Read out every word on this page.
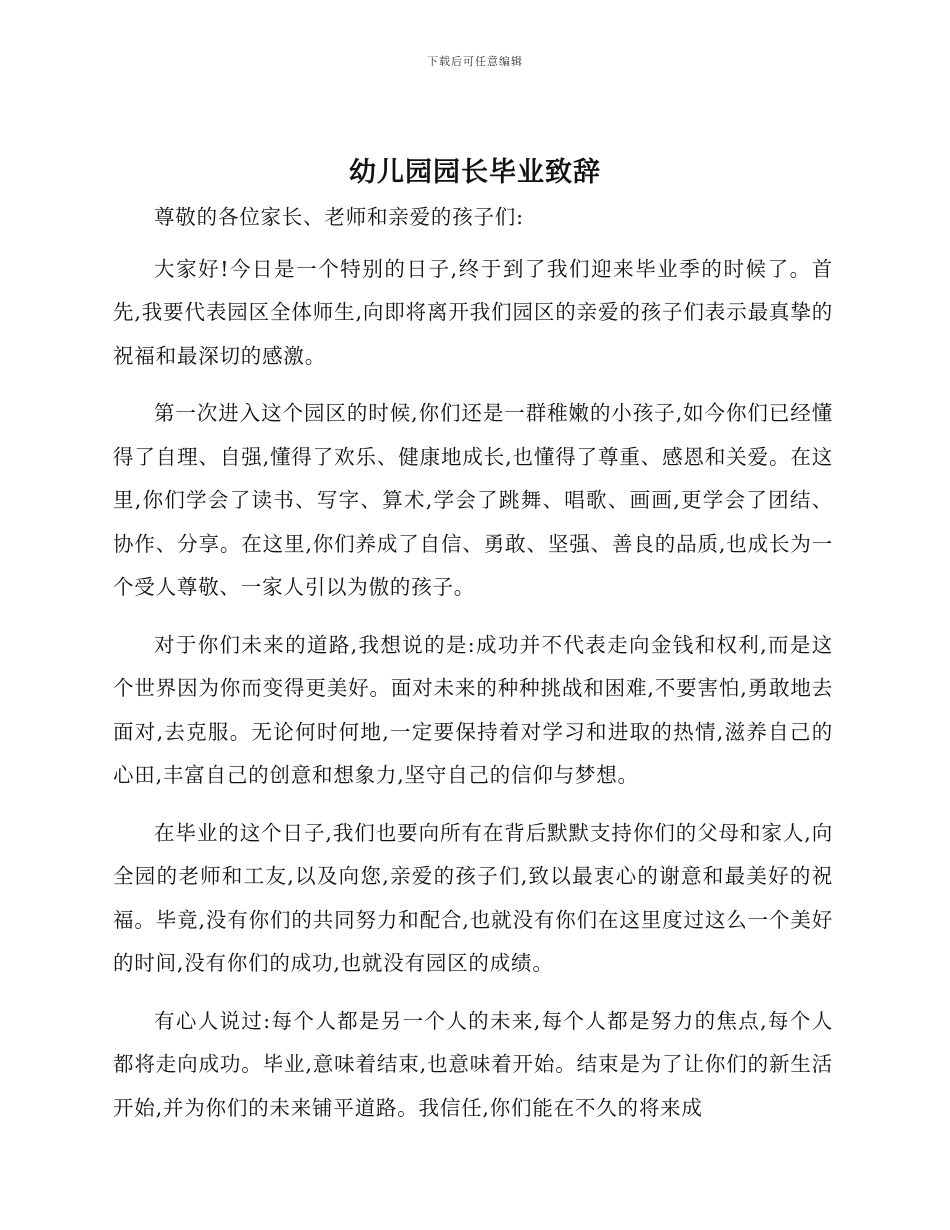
下载后可任意编辑
幼儿园园长毕业致辞

尊敬的各位家长、老师和亲爱的孩子们:

大家好!今日是一个特别的日子,终于到了我们迎来毕业季的时候了。首先,我要代表园区全体师生,向即将离开我们园区的亲爱的孩子们表示最真挚的祝福和最深切的感激。

第一次进入这个园区的时候,你们还是一群稚嫩的小孩子,如今你们已经懂得了自理、自强,懂得了欢乐、健康地成长,也懂得了尊重、感恩和关爱。在这里,你们学会了读书、写字、算术,学会了跳舞、唱歌、画画,更学会了团结、协作、分享。在这里,你们养成了自信、勇敢、坚强、善良的品质,也成长为一个受人尊敬、一家人引以为傲的孩子。

对于你们未来的道路,我想说的是:成功并不代表走向金钱和权利,而是这个世界因为你而变得更美好。面对未来的种种挑战和困难,不要害怕,勇敢地去面对,去克服。无论何时何地,一定要保持着对学习和进取的热情,滋养自己的心田,丰富自己的创意和想象力,坚守自己的信仰与梦想。

在毕业的这个日子,我们也要向所有在背后默默支持你们的父母和家人,向全园的老师和工友,以及向您,亲爱的孩子们,致以最衷心的谢意和最美好的祝福。毕竟,没有你们的共同努力和配合,也就没有你们在这里度过这么一个美好的时间,没有你们的成功,也就没有园区的成绩。

有心人说过:每个人都是另一个人的未来,每个人都是努力的焦点,每个人都将走向成功。毕业,意味着结束,也意味着开始。结束是为了让你们的新生活开始,并为你们的未来铺平道路。我信任,你们能在不久的将来成
